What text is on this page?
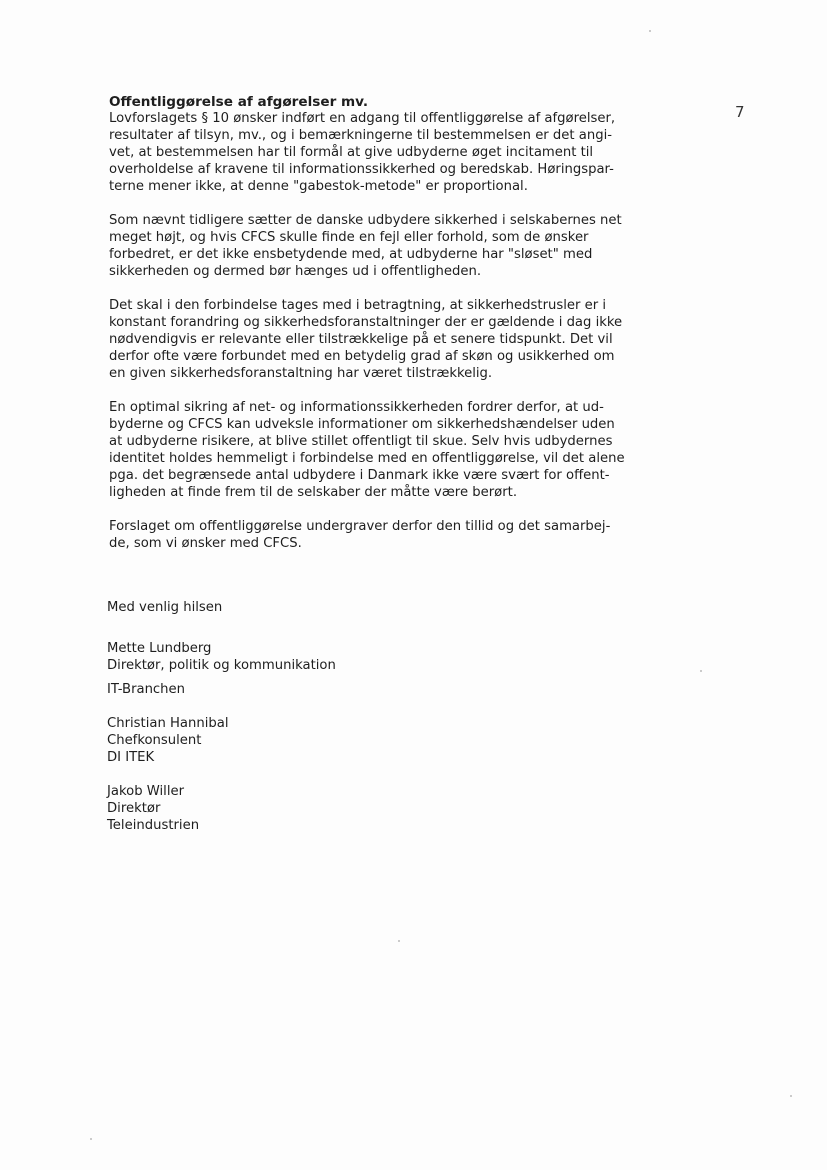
7

Offentliggørelse af afgørelser mv.

Lovforslagets § 10 ønsker indført en adgang til offentliggørelse af afgørelser,
resultater af tilsyn, mv., og i bemærkningerne til bestemmelsen er det angi-
vet, at bestemmelsen har til formål at give udbyderne øget incitament til
overholdelse af kravene til informationssikkerhed og beredskab. Høringspar-
terne mener ikke, at denne "gabestok-metode" er proportional.

Som nævnt tidligere sætter de danske udbydere sikkerhed i selskabernes net
meget højt, og hvis CFCS skulle finde en fejl eller forhold, som de ønsker
forbedret, er det ikke ensbetydende med, at udbyderne har "sløset" med
sikkerheden og dermed bør hænges ud i offentligheden.

Det skal i den forbindelse tages med i betragtning, at sikkerhedstrusler er i
konstant forandring og sikkerhedsforanstaltninger der er gældende i dag ikke
nødvendigvis er relevante eller tilstrækkelige på et senere tidspunkt. Det vil
derfor ofte være forbundet med en betydelig grad af skøn og usikkerhed om
en given sikkerhedsforanstaltning har været tilstrækkelig.

En optimal sikring af net- og informationssikkerheden fordrer derfor, at ud-
byderne og CFCS kan udveksle informationer om sikkerhedshændelser uden
at udbyderne risikere, at blive stillet offentligt til skue. Selv hvis udbydernes
identitet holdes hemmeligt i forbindelse med en offentliggørelse, vil det alene
pga. det begrænsede antal udbydere i Danmark ikke være svært for offent-
ligheden at finde frem til de selskaber der måtte være berørt.

Forslaget om offentliggørelse undergraver derfor den tillid og det samarbej-
de, som vi ønsker med CFCS.

Med venlig hilsen
Mette Lundberg
Direktør, politik og kommunikation
IT-Branchen
Christian Hannibal
Chefkonsulent
DI ITEK
Jakob Willer
Direktør
Teleindustrien
